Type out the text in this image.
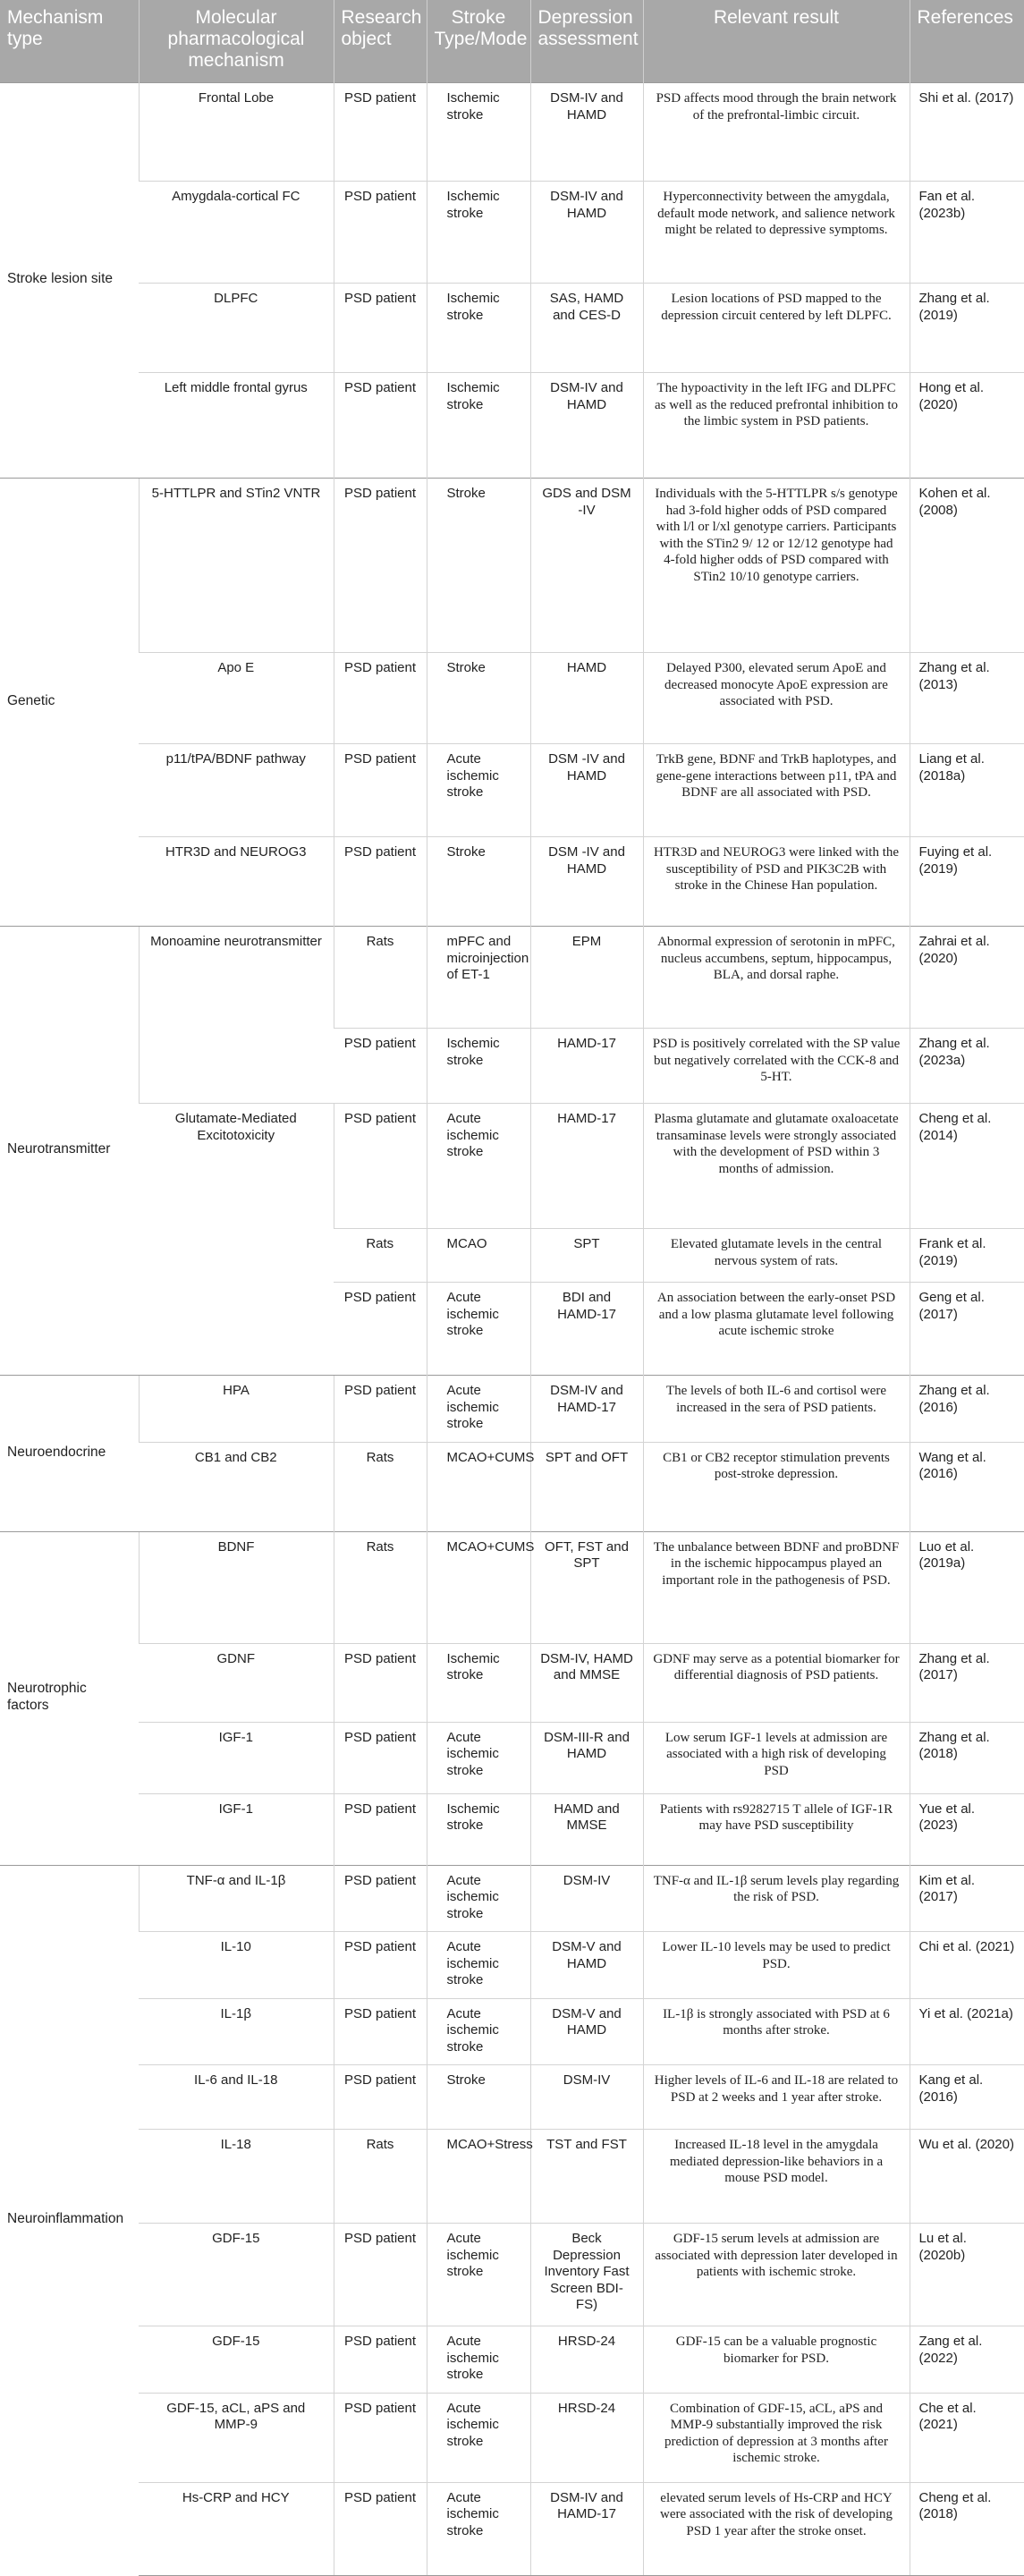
Mechanism type	Molecular pharmacological mechanism	Research object	Stroke Type/Mode	Depression assessment	Relevant result	References
Stroke lesion site	Frontal Lobe	PSD patient	Ischemic stroke	DSM-IV and HAMD	PSD affects mood through the brain network of the prefrontal-limbic circuit.	Shi et al. (2017)
	Amygdala-cortical FC	PSD patient	Ischemic stroke	DSM-IV and HAMD	Hyperconnectivity between the amygdala, default mode network, and salience network might be related to depressive symptoms.	Fan et al. (2023b)
	DLPFC	PSD patient	Ischemic stroke	SAS, HAMD and CES-D	Lesion locations of PSD mapped to the depression circuit centered by left DLPFC.	Zhang et al. (2019)
	Left middle frontal gyrus	PSD patient	Ischemic stroke	DSM-IV and HAMD	The hypoactivity in the left IFG and DLPFC as well as the reduced prefrontal inhibition to the limbic system in PSD patients.	Hong et al. (2020)
Genetic	5-HTTLPR and STin2 VNTR	PSD patient	Stroke	GDS and DSM -IV	Individuals with the 5-HTTLPR s/s genotype had 3-fold higher odds of PSD compared with l/l or l/xl genotype carriers. Participants with the STin2 9/ 12 or 12/12 genotype had 4-fold higher odds of PSD compared with STin2 10/10 genotype carriers.	Kohen et al. (2008)
	Apo E	PSD patient	Stroke	HAMD	Delayed P300, elevated serum ApoE and decreased monocyte ApoE expression are associated with PSD.	Zhang et al. (2013)
	p11/tPA/BDNF pathway	PSD patient	Acute ischemic stroke	DSM -IV and HAMD	TrkB gene, BDNF and TrkB haplotypes, and gene-gene interactions between p11, tPA and BDNF are all associated with PSD.	Liang et al. (2018a)
	HTR3D and NEUROG3	PSD patient	Stroke	DSM -IV and HAMD	HTR3D and NEUROG3 were linked with the susceptibility of PSD and PIK3C2B with stroke in the Chinese Han population.	Fuying et al. (2019)
Neurotransmitter	Monoamine neurotransmitter	Rats	mPFC and microinjection of ET-1	EPM	Abnormal expression of serotonin in mPFC, nucleus accumbens, septum, hippocampus, BLA, and dorsal raphe.	Zahrai et al. (2020)
		PSD patient	Ischemic stroke	HAMD-17	PSD is positively correlated with the SP value but negatively correlated with the CCK-8 and 5-HT.	Zhang et al. (2023a)
	Glutamate-Mediated Excitotoxicity	PSD patient	Acute ischemic stroke	HAMD-17	Plasma glutamate and glutamate oxaloacetate transaminase levels were strongly associated with the development of PSD within 3 months of admission.	Cheng et al. (2014)
		Rats	MCAO	SPT	Elevated glutamate levels in the central nervous system of rats.	Frank et al. (2019)
		PSD patient	Acute ischemic stroke	BDI and HAMD-17	An association between the early-onset PSD and a low plasma glutamate level following acute ischemic stroke	Geng et al. (2017)
Neuroendocrine	HPA	PSD patient	Acute ischemic stroke	DSM-IV and HAMD-17	The levels of both IL-6 and cortisol were increased in the sera of PSD patients.	Zhang et al. (2016)
	CB1 and CB2	Rats	MCAO+CUMS	SPT and OFT	CB1 or CB2 receptor stimulation prevents post-stroke depression.	Wang et al. (2016)
Neurotrophic factors	BDNF	Rats	MCAO+CUMS	OFT, FST and SPT	The unbalance between BDNF and proBDNF in the ischemic hippocampus played an important role in the pathogenesis of PSD.	Luo et al. (2019a)
	GDNF	PSD patient	Ischemic stroke	DSM-IV, HAMD and MMSE	GDNF may serve as a potential biomarker for differential diagnosis of PSD patients.	Zhang et al. (2017)
	IGF-1	PSD patient	Acute ischemic stroke	DSM-III-R and HAMD	Low serum IGF-1 levels at admission are associated with a high risk of developing PSD	Zhang et al. (2018)
	IGF-1	PSD patient	Ischemic stroke	HAMD and MMSE	Patients with rs9282715 T allele of IGF-1R may have PSD susceptibility	Yue et al. (2023)
Neuroinflammation	TNF-α and IL-1β	PSD patient	Acute ischemic stroke	DSM-IV	TNF-α and IL-1β serum levels play regarding the risk of PSD.	Kim et al. (2017)
	IL-10	PSD patient	Acute ischemic stroke	DSM-V and HAMD	Lower IL-10 levels may be used to predict PSD.	Chi et al. (2021)
	IL-1β	PSD patient	Acute ischemic stroke	DSM-V and HAMD	IL-1β is strongly associated with PSD at 6 months after stroke.	Yi et al. (2021a)
	IL-6 and IL-18	PSD patient	Stroke	DSM-IV	Higher levels of IL-6 and IL-18 are related to PSD at 2 weeks and 1 year after stroke.	Kang et al. (2016)
	IL-18	Rats	MCAO+Stress	TST and FST	Increased IL-18 level in the amygdala mediated depression-like behaviors in a mouse PSD model.	Wu et al. (2020)
	GDF-15	PSD patient	Acute ischemic stroke	Beck Depression Inventory Fast Screen BDI-FS)	GDF-15 serum levels at admission are associated with depression later developed in patients with ischemic stroke.	Lu et al. (2020b)
	GDF-15	PSD patient	Acute ischemic stroke	HRSD-24	GDF-15 can be a valuable prognostic biomarker for PSD.	Zang et al. (2022)
	GDF-15, aCL, aPS and MMP-9	PSD patient	Acute ischemic stroke	HRSD-24	Combination of GDF-15, aCL, aPS and MMP-9 substantially improved the risk prediction of depression at 3 months after ischemic stroke.	Che et al. (2021)
	Hs-CRP and HCY	PSD patient	Acute ischemic stroke	DSM-IV and HAMD-17	elevated serum levels of Hs-CRP and HCY were associated with the risk of developing PSD 1 year after the stroke onset.	Cheng et al. (2018)
